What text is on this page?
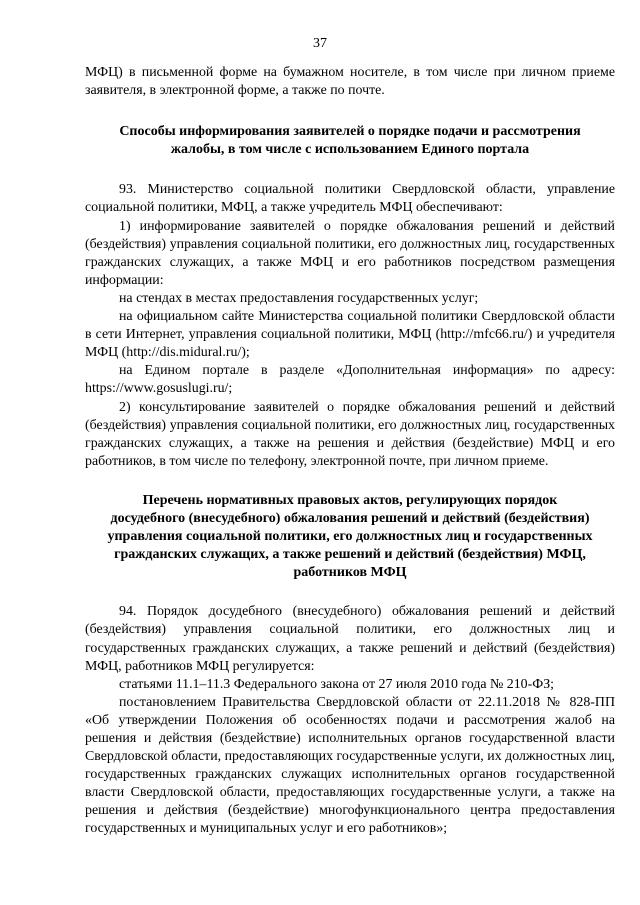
37

МФЦ) в письменной форме на бумажном носителе, в том числе при личном приеме заявителя, в электронной форме, а также по почте.

Способы информирования заявителей о порядке подачи и рассмотрения
жалобы, в том числе с использованием Единого портала

93. Министерство социальной политики Свердловской области, управление социальной политики, МФЦ, а также учредитель МФЦ обеспечивают:

1) информирование заявителей о порядке обжалования решений и действий (бездействия) управления социальной политики, его должностных лиц, государственных гражданских служащих, а также МФЦ и его работников посредством размещения информации:

на стендах в местах предоставления государственных услуг;

на официальном сайте Министерства социальной политики Свердловской области в сети Интернет, управления социальной политики, МФЦ (http://mfc66.ru/) и учредителя МФЦ (http://dis.midural.ru/);

на Едином портале в разделе «Дополнительная информация» по адресу: https://www.gosuslugi.ru/;

2) консультирование заявителей о порядке обжалования решений и действий (бездействия) управления социальной политики, его должностных лиц, государственных гражданских служащих, а также на решения и действия (бездействие) МФЦ и его работников, в том числе по телефону, электронной почте, при личном приеме.

Перечень нормативных правовых актов, регулирующих порядок
досудебного (внесудебного) обжалования решений и действий (бездействия)
управления социальной политики, его должностных лиц и государственных
гражданских служащих, а также решений и действий (бездействия) МФЦ,
работников МФЦ

94. Порядок досудебного (внесудебного) обжалования решений и действий (бездействия) управления социальной политики, его должностных лиц и государственных гражданских служащих, а также решений и действий (бездействия) МФЦ, работников МФЦ регулируется:

статьями 11.1–11.3 Федерального закона от 27 июля 2010 года № 210-ФЗ;

постановлением Правительства Свердловской области от 22.11.2018 № 828-ПП «Об утверждении Положения об особенностях подачи и рассмотрения жалоб на решения и действия (бездействие) исполнительных органов государственной власти Свердловской области, предоставляющих государственные услуги, их должностных лиц, государственных гражданских служащих исполнительных органов государственной власти Свердловской области, предоставляющих государственные услуги, а также на решения и действия (бездействие) многофункционального центра предоставления государственных и муниципальных услуг и его работников»;
